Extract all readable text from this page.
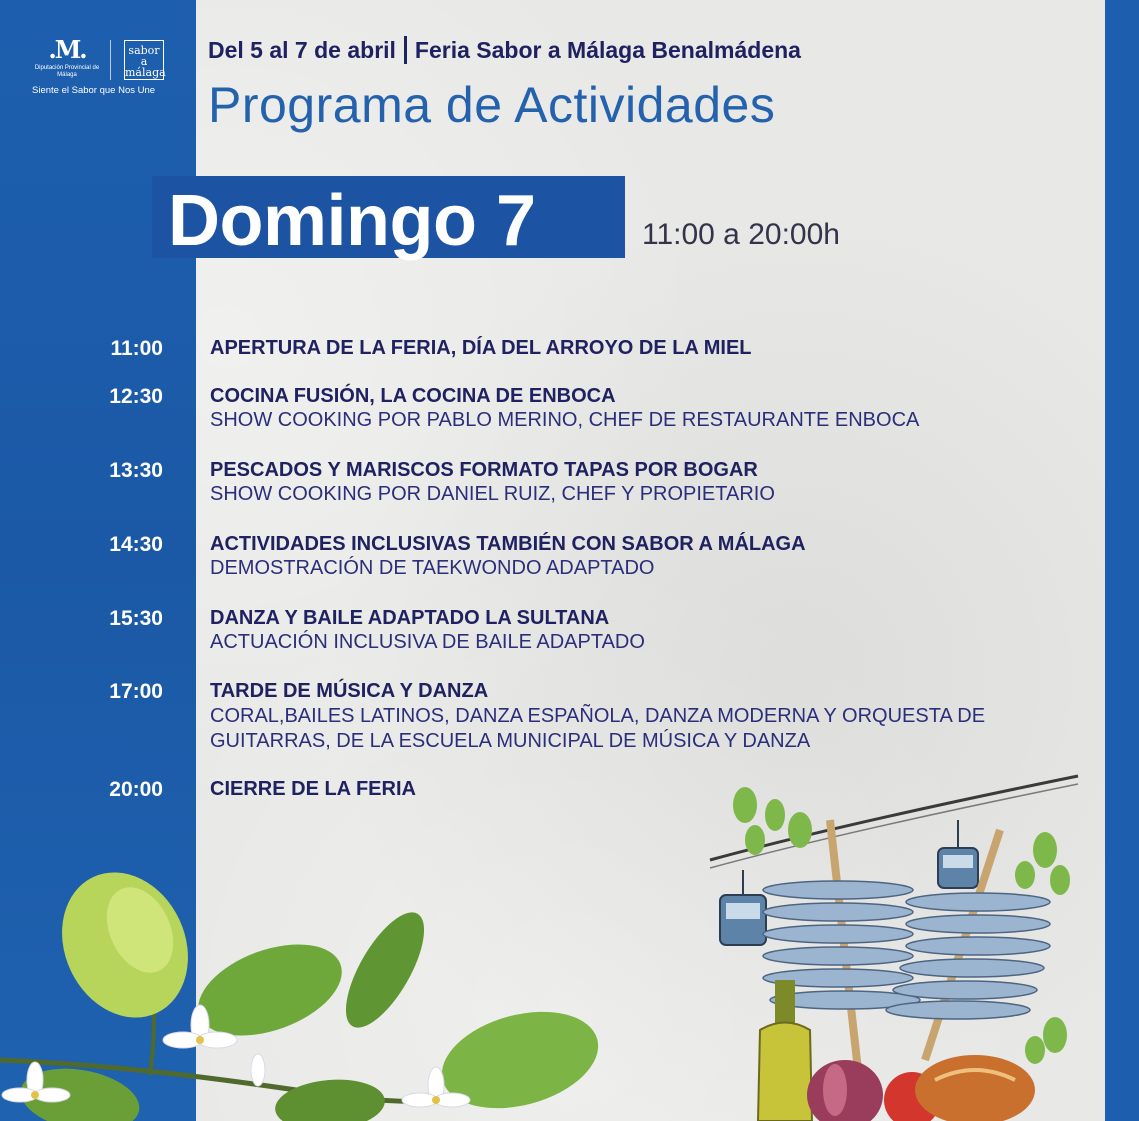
.M.
Diputación Provincial de Málaga
sabor a málaga
Siente el Sabor que Nos Une
Del 5 al 7 de abril Feria Sabor a Málaga Benalmádena
Programa de Actividades
Domingo 7	11:00 a 20:00h
11:00 APERTURA DE LA FERIA, DÍA DEL ARROYO DE LA MIEL
12:30 COCINA FUSIÓN, LA COCINA DE ENBOCA
SHOW COOKING POR PABLO MERINO, CHEF DE RESTAURANTE ENBOCA
13:30 PESCADOS Y MARISCOS FORMATO TAPAS POR BOGAR
SHOW COOKING POR DANIEL RUIZ, CHEF Y PROPIETARIO
14:30 ACTIVIDADES INCLUSIVAS TAMBIÉN CON SABOR A MÁLAGA
DEMOSTRACIÓN DE TAEKWONDO ADAPTADO
15:30 DANZA Y BAILE ADAPTADO LA SULTANA
ACTUACIÓN INCLUSIVA DE BAILE ADAPTADO
17:00 TARDE DE MÚSICA Y DANZA
CORAL,BAILES LATINOS, DANZA ESPAÑOLA, DANZA MODERNA Y ORQUESTA DE
GUITARRAS, DE LA ESCUELA MUNICIPAL DE MÚSICA Y DANZA
20:00 CIERRE DE LA FERIA
